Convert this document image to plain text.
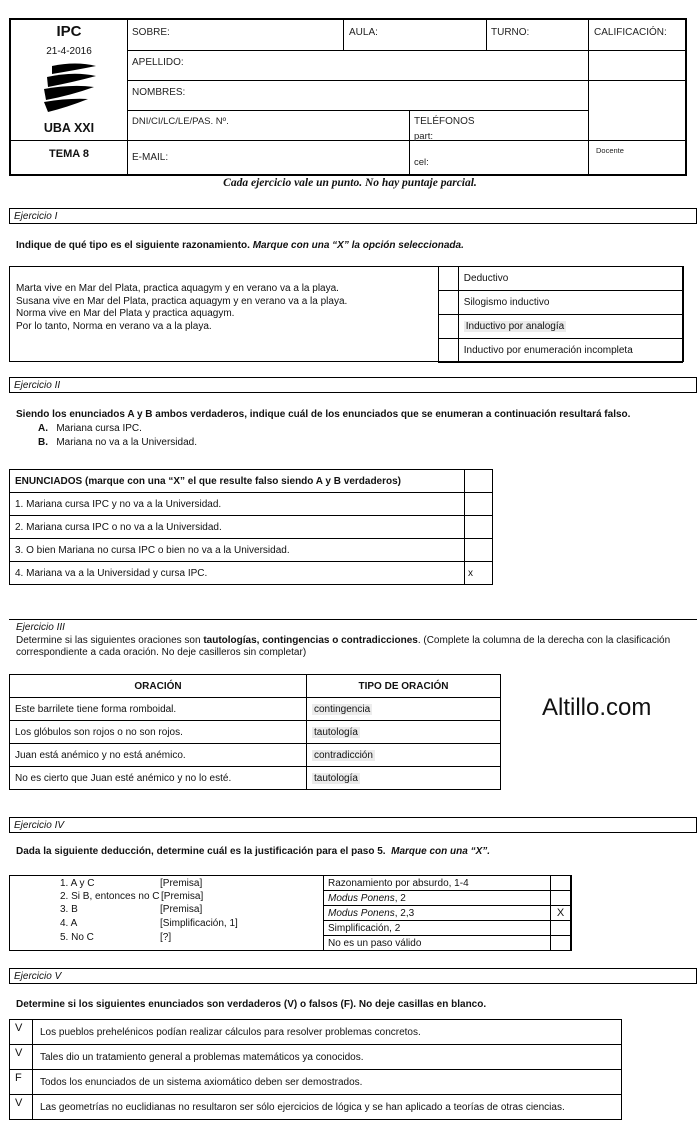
IPC
21-4-2016
UBA XXI
TEMA 8
SOBRE:	AULA:	TURNO:	CALIFICACIÓN:
APELLIDO:
NOMBRES:
DNI/CI/LC/LE/PAS. Nº.	TELÉFONOS
part:
E-MAIL:	cel:
Docente
Cada ejercicio vale un punto. No hay puntaje parcial.
Ejercicio I
Indique de qué tipo es el siguiente razonamiento. Marque con una “X” la opción seleccionada.
Marta vive en Mar del Plata, practica aquagym y en verano va a la playa.
Susana vive en Mar del Plata, practica aquagym y en verano va a la playa.
Norma vive en Mar del Plata y practica aquagym.
Por lo tanto, Norma en verano va a la playa.
	Deductivo
	Silogismo inductivo
	Inductivo por analogía
	Inductivo por enumeración incompleta
Ejercicio II
Siendo los enunciados A y B ambos verdaderos, indique cuál de los enunciados que se enumeran a continuación resultará falso.
A. Mariana cursa IPC.
B. Mariana no va a la Universidad.
ENUNCIADOS (marque con una “X” el que resulte falso siendo A y B verdaderos)	
1. Mariana cursa IPC y no va a la Universidad.	
2. Mariana cursa IPC o no va a la Universidad.	
3. O bien Mariana no cursa IPC o bien no va a la Universidad.	
4. Mariana va a la Universidad y cursa IPC.	x
Ejercicio III
Determine si las siguientes oraciones son tautologías, contingencias o contradicciones. (Complete la columna de la derecha con la clasificación
correspondiente a cada oración. No deje casilleros sin completar)
ORACIÓN	TIPO DE ORACIÓN
Este barrilete tiene forma romboidal.	contingencia
Los glóbulos son rojos o no son rojos.	tautología
Juan está anémico y no está anémico.	contradicción
No es cierto que Juan esté anémico y no lo esté.	tautología
Altillo.com
Ejercicio IV
Dada la siguiente deducción, determine cuál es la justificación para el paso 5. Marque con una “X”.
1. A y C	[Premisa]
2. Si B, entonces no C [Premisa]
3. B	[Premisa]
4. A	[Simplificación, 1]
5. No C	[?]
Razonamiento por absurdo, 1-4	
Modus Ponens, 2	
Modus Ponens, 2,3	X
Simplificación, 2	
No es un paso válido	
Ejercicio V
Determine si los siguientes enunciados son verdaderos (V) o falsos (F). No deje casillas en blanco.
V	Los pueblos prehelénicos podían realizar cálculos para resolver problemas concretos.
V	Tales dio un tratamiento general a problemas matemáticos ya conocidos.
F	Todos los enunciados de un sistema axiomático deben ser demostrados.
V	Las geometrías no euclidianas no resultaron ser sólo ejercicios de lógica y se han aplicado a teorías de otras ciencias.
